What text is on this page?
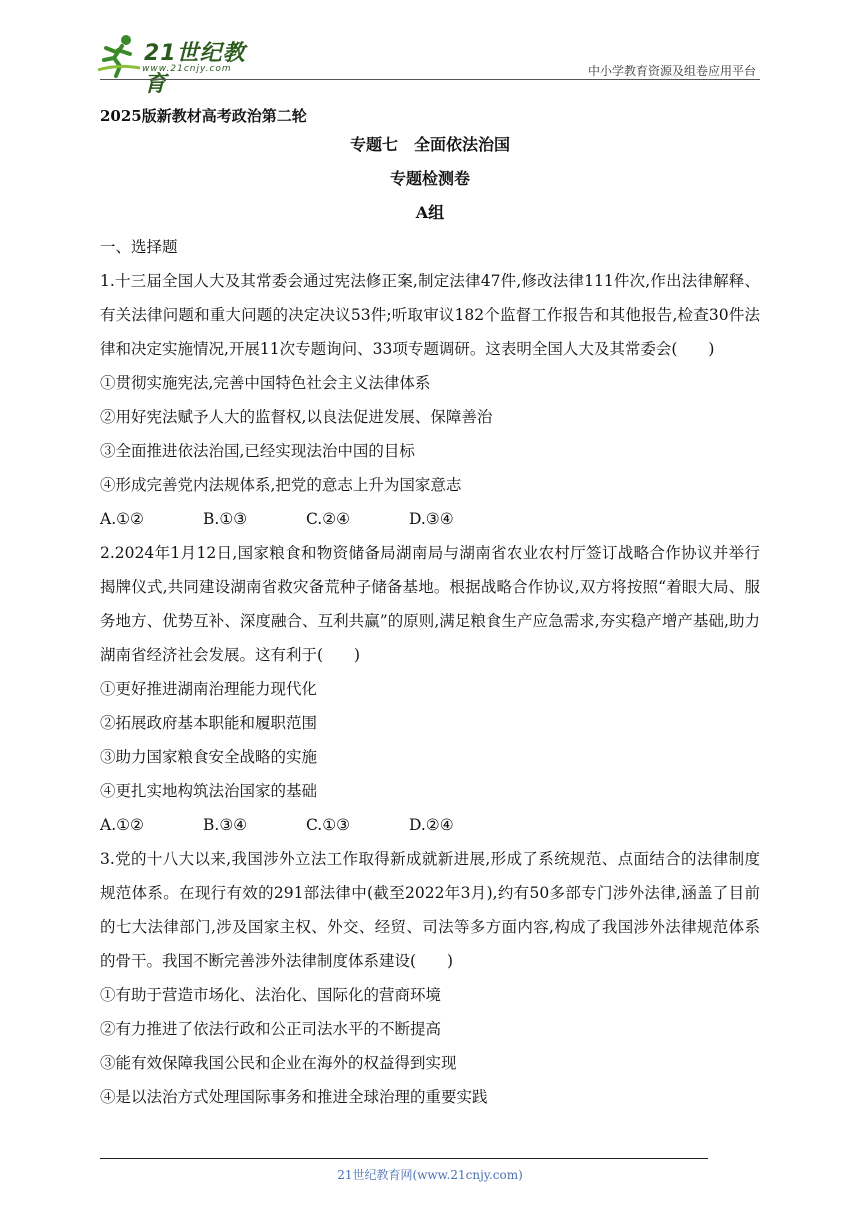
21世纪教育
www.21cnjy.com	中小学教育资源及组卷应用平台
2025版新教材高考政治第二轮
专题七　全面依法治国
专题检测卷
A组
一、选择题
1.十三届全国人大及其常委会通过宪法修正案,制定法律47件,修改法律111件次,作出法律解释、有关法律问题和重大问题的决定决议53件;听取审议182个监督工作报告和其他报告,检查30件法律和决定实施情况,开展11次专题询问、33项专题调研。这表明全国人大及其常委会(　　)
①贯彻实施宪法,完善中国特色社会主义法律体系
②用好宪法赋予人大的监督权,以良法促进发展、保障善治
③全面推进依法治国,已经实现法治中国的目标
④形成完善党内法规体系,把党的意志上升为国家意志
A.①②	B.①③	C.②④	D.③④
2.2024年1月12日,国家粮食和物资储备局湖南局与湖南省农业农村厅签订战略合作协议并举行揭牌仪式,共同建设湖南省救灾备荒种子储备基地。根据战略合作协议,双方将按照“着眼大局、服务地方、优势互补、深度融合、互利共赢”的原则,满足粮食生产应急需求,夯实稳产增产基础,助力湖南省经济社会发展。这有利于(　　)
①更好推进湖南治理能力现代化
②拓展政府基本职能和履职范围
③助力国家粮食安全战略的实施
④更扎实地构筑法治国家的基础
A.①②	B.③④	C.①③	D.②④
3.党的十八大以来,我国涉外立法工作取得新成就新进展,形成了系统规范、点面结合的法律制度规范体系。在现行有效的291部法律中(截至2022年3月),约有50多部专门涉外法律,涵盖了目前的七大法律部门,涉及国家主权、外交、经贸、司法等多方面内容,构成了我国涉外法律规范体系的骨干。我国不断完善涉外法律制度体系建设(　　)
①有助于营造市场化、法治化、国际化的营商环境
②有力推进了依法行政和公正司法水平的不断提高
③能有效保障我国公民和企业在海外的权益得到实现
④是以法治方式处理国际事务和推进全球治理的重要实践
21世纪教育网(www.21cnjy.com)
